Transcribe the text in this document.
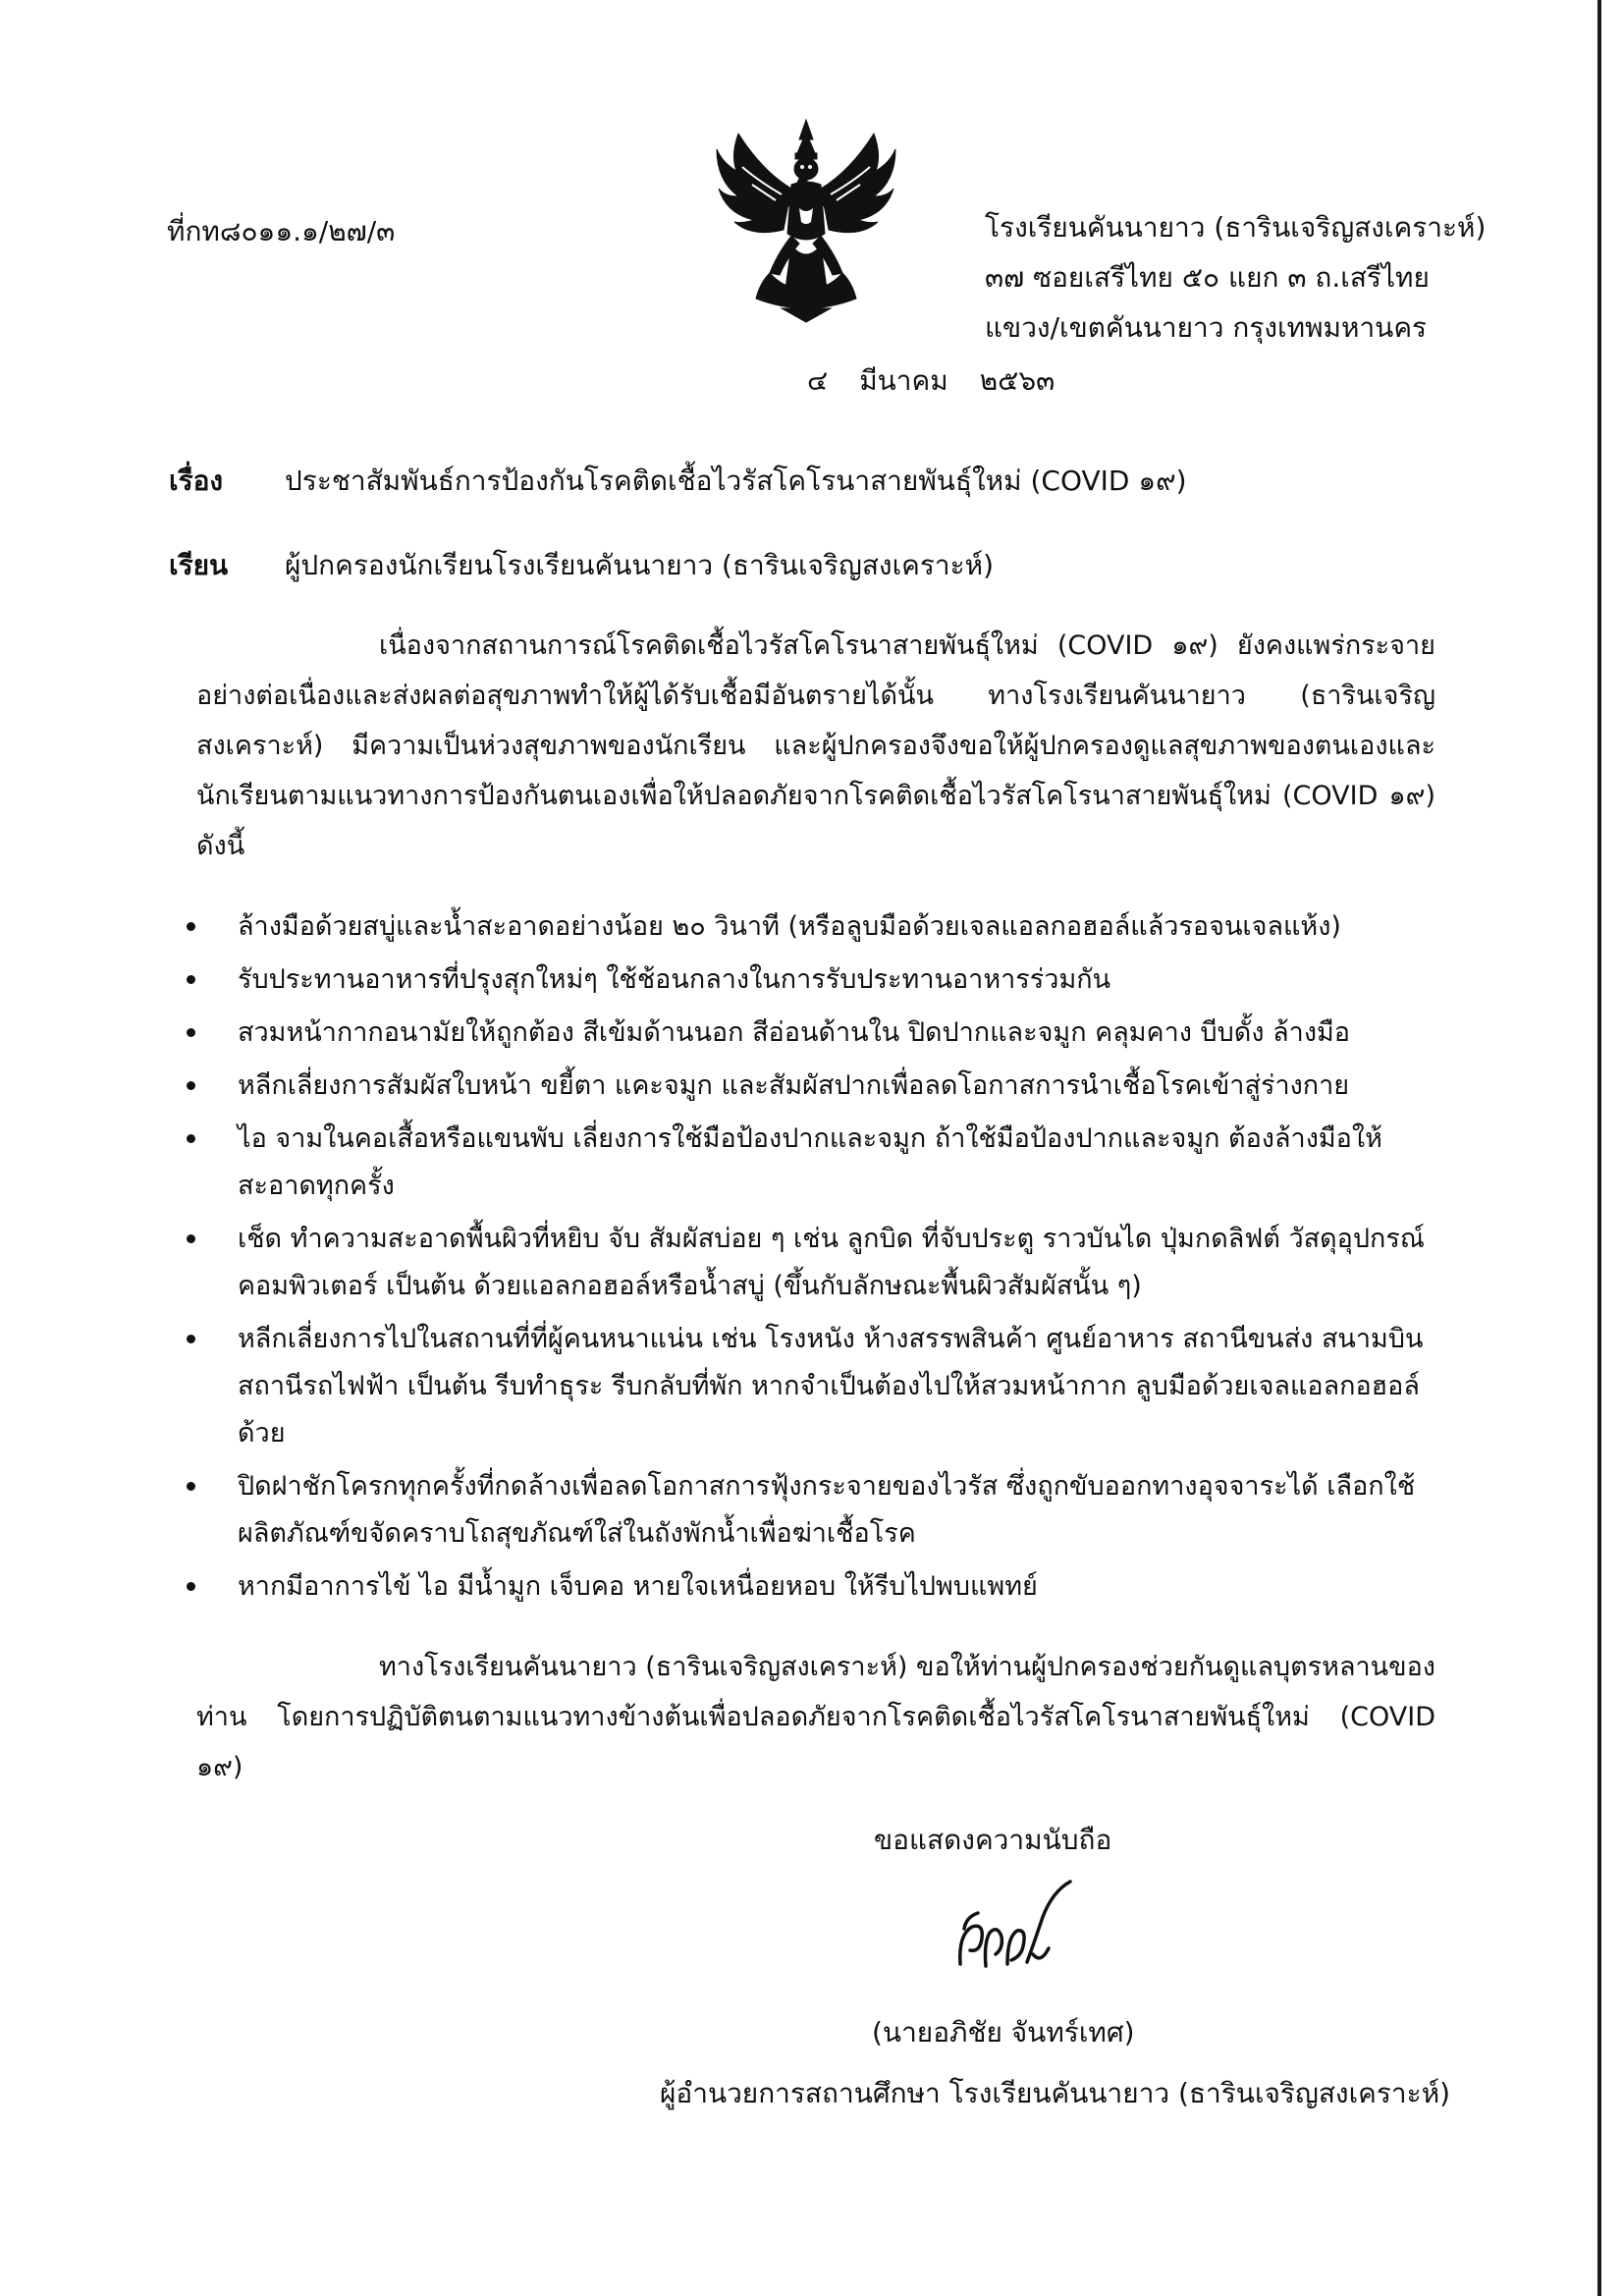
ที่กท๘๐๑๑.๑/๒๗/๓	โรงเรียนคันนายาว (ธารินเจริญสงเคราะห์)
๓๗ ซอยเสรีไทย ๕๐ แยก ๓ ถ.เสรีไทย
แขวง/เขตคันนายาว กรุงเทพมหานคร
๔ มีนาคม ๒๕๖๓
เรื่อง ประชาสัมพันธ์การป้องกันโรคติดเชื้อไวรัสโคโรนาสายพันธุ์ใหม่ (COVID ๑๙)
เรียน ผู้ปกครองนักเรียนโรงเรียนคันนายาว (ธารินเจริญสงเคราะห์)

เนื่องจากสถานการณ์โรคติดเชื้อไวรัสโคโรนาสายพันธุ์ใหม่ (COVID ๑๙) ยังคงแพร่กระจายอย่างต่อเนื่องและส่งผลต่อสุขภาพทำให้ผู้ได้รับเชื้อมีอันตรายได้นั้น ทางโรงเรียนคันนายาว (ธารินเจริญสงเคราะห์) มีความเป็นห่วงสุขภาพของนักเรียน และผู้ปกครองจึงขอให้ผู้ปกครองดูแลสุขภาพของตนเองและนักเรียนตามแนวทางการป้องกันตนเองเพื่อให้ปลอดภัยจากโรคติดเชื้อไวรัสโคโรนาสายพันธุ์ใหม่ (COVID ๑๙) ดังนี้

ล้างมือด้วยสบู่และน้ำสะอาดอย่างน้อย ๒๐ วินาที (หรือลูบมือด้วยเจลแอลกอฮอล์แล้วรอจนเจลแห้ง)
รับประทานอาหารที่ปรุงสุกใหม่ๆ ใช้ช้อนกลางในการรับประทานอาหารร่วมกัน
สวมหน้ากากอนามัยให้ถูกต้อง สีเข้มด้านนอก สีอ่อนด้านใน ปิดปากและจมูก คลุมคาง บีบดั้ง ล้างมือ
หลีกเลี่ยงการสัมผัสใบหน้า ขยี้ตา แคะจมูก และสัมผัสปากเพื่อลดโอกาสการนำเชื้อโรคเข้าสู่ร่างกาย
ไอ จามในคอเสื้อหรือแขนพับ เลี่ยงการใช้มือป้องปากและจมูก ถ้าใช้มือป้องปากและจมูก ต้องล้างมือให้สะอาดทุกครั้ง
เช็ด ทำความสะอาดพื้นผิวที่หยิบ จับ สัมผัสบ่อย ๆ เช่น ลูกบิด ที่จับประตู ราวบันได ปุ่มกดลิฟต์ วัสดุอุปกรณ์คอมพิวเตอร์ เป็นต้น ด้วยแอลกอฮอล์หรือน้ำสบู่ (ขึ้นกับลักษณะพื้นผิวสัมผัสนั้น ๆ)
หลีกเลี่ยงการไปในสถานที่ที่ผู้คนหนาแน่น เช่น โรงหนัง ห้างสรรพสินค้า ศูนย์อาหาร สถานีขนส่ง สนามบิน สถานีรถไฟฟ้า เป็นต้น รีบทำธุระ รีบกลับที่พัก หากจำเป็นต้องไปให้สวมหน้ากาก ลูบมือด้วยเจลแอลกอฮอล์ด้วย
ปิดฝาชักโครกทุกครั้งที่กดล้างเพื่อลดโอกาสการฟุ้งกระจายของไวรัส ซึ่งถูกขับออกทางอุจจาระได้ เลือกใช้ผลิตภัณฑ์ขจัดคราบโถสุขภัณฑ์ใส่ในถังพักน้ำเพื่อฆ่าเชื้อโรค
หากมีอาการไข้ ไอ มีน้ำมูก เจ็บคอ หายใจเหนื่อยหอบ ให้รีบไปพบแพทย์

ทางโรงเรียนคันนายาว (ธารินเจริญสงเคราะห์) ขอให้ท่านผู้ปกครองช่วยกันดูแลบุตรหลานของท่าน โดยการปฏิบัติตนตามแนวทางข้างต้นเพื่อปลอดภัยจากโรคติดเชื้อไวรัสโคโรนาสายพันธุ์ใหม่ (COVID ๑๙)

ขอแสดงความนับถือ
(นายอภิชัย จันทร์เทศ)
ผู้อำนวยการสถานศึกษา โรงเรียนคันนายาว (ธารินเจริญสงเคราะห์)
